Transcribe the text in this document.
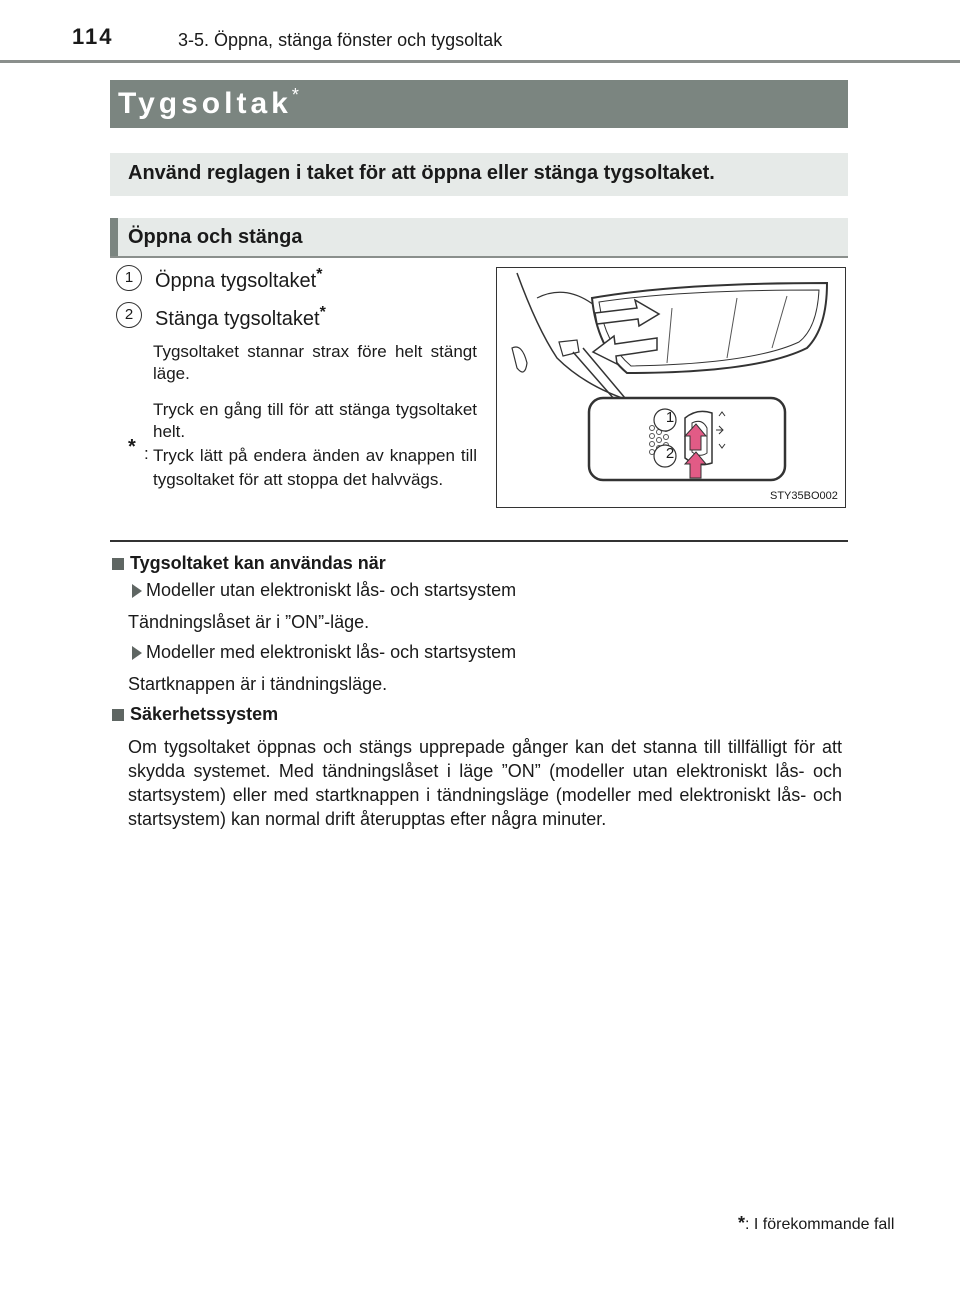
114	3-5. Öppna, stänga fönster och tygsoltak
Tygsoltak*
Använd reglagen i taket för att öppna eller stänga tygsoltaket.
Öppna och stänga
1	Öppna tygsoltaket*
2	Stänga tygsoltaket*
Tygsoltaket stannar strax före helt stängt läge.
Tryck en gång till för att stänga tygsoltaket helt.
* : Tryck lätt på endera änden av knappen till tygsoltaket för att stoppa det halvvägs.
1
2
STY35BO002
Tygsoltaket kan användas när
Modeller utan elektroniskt lås- och startsystem
Tändningslåset är i ”ON”-läge.
Modeller med elektroniskt lås- och startsystem
Startknappen är i tändningsläge.
Säkerhetssystem
Om tygsoltaket öppnas och stängs upprepade gånger kan det stanna till tillfälligt för att skydda systemet. Med tändningslåset i läge ”ON” (modeller utan elektroniskt lås- och startsystem) eller med startknappen i tändningsläge (modeller med elektroniskt lås- och startsystem) kan normal drift återupptas efter några minuter.
*: I förekommande fall
